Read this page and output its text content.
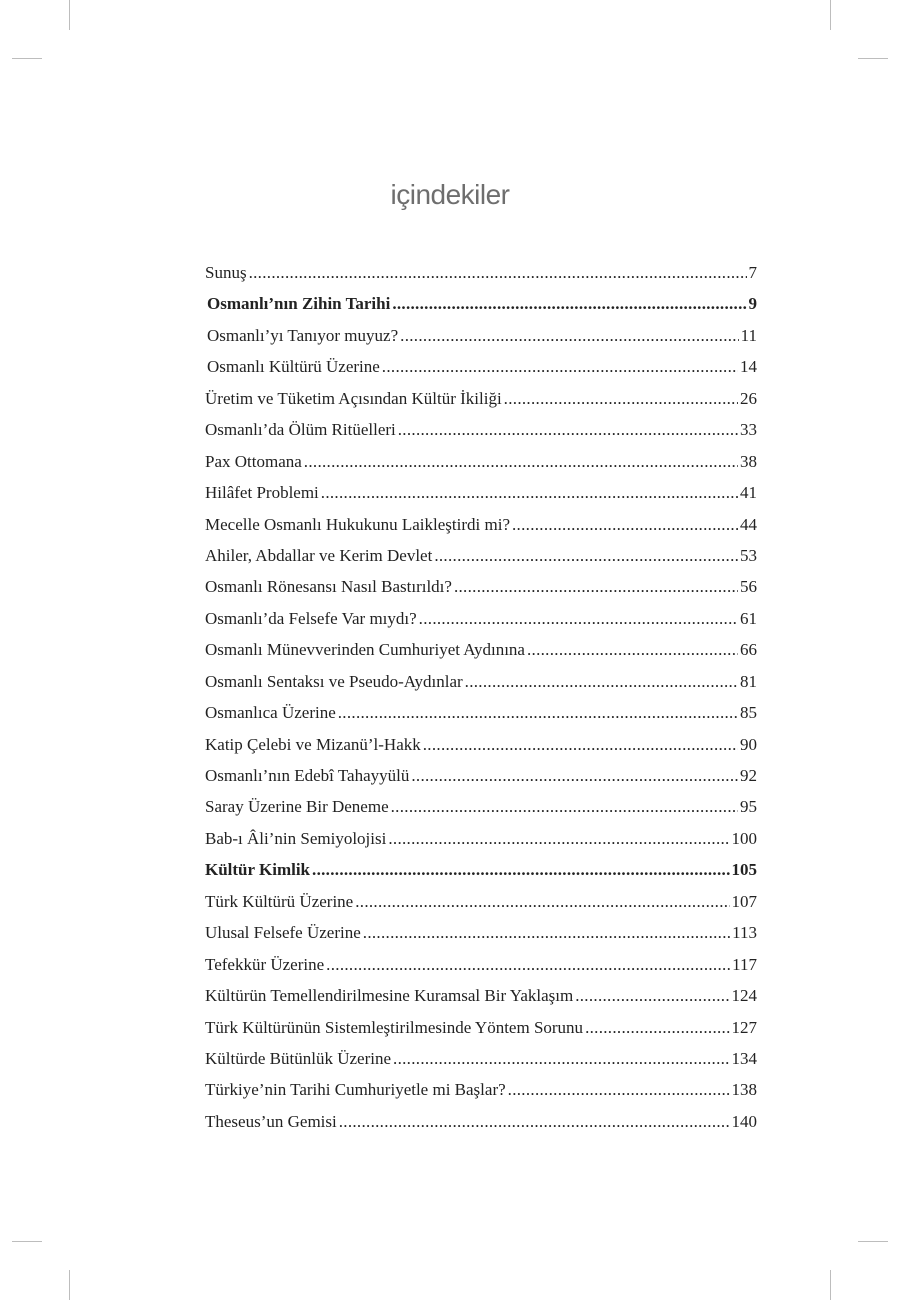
içindekiler
Sunuş .....	7
Osmanlı’nın Zihin Tarihi .....	9
Osmanlı’yı Tanıyor muyuz? .....	11
Osmanlı Kültürü Üzerine .....	14
Üretim ve Tüketim Açısından Kültür İkiliği .....	26
Osmanlı’da Ölüm Ritüelleri .....	33
Pax Ottomana .....	38
Hilâfet Problemi .....	41
Mecelle Osmanlı Hukukunu Laikleştirdi mi? .....	44
Ahiler, Abdallar ve Kerim Devlet .....	53
Osmanlı Rönesansı Nasıl Bastırıldı? .....	56
Osmanlı’da Felsefe Var mıydı? .....	61
Osmanlı Münevverinden Cumhuriyet Aydınına .....	66
Osmanlı Sentaksı ve Pseudo-Aydınlar .....	81
Osmanlıca Üzerine .....	85
Katip Çelebi ve Mizanü’l-Hakk .....	90
Osmanlı’nın Edebî Tahayyülü .....	92
Saray Üzerine Bir Deneme .....	95
Bab-ı Âli’nin Semiyolojisi .....	100
Kültür Kimlik .....	105
Türk Kültürü Üzerine .....	107
Ulusal Felsefe Üzerine .....	113
Tefekkür Üzerine .....	117
Kültürün Temellendirilmesine Kuramsal Bir Yaklaşım .....	124
Türk Kültürünün Sistemleştirilmesinde Yöntem Sorunu .....	127
Kültürde Bütünlük Üzerine .....	134
Türkiye’nin Tarihi Cumhuriyetle mi Başlar? .....	138
Theseus’un Gemisi .....	140
